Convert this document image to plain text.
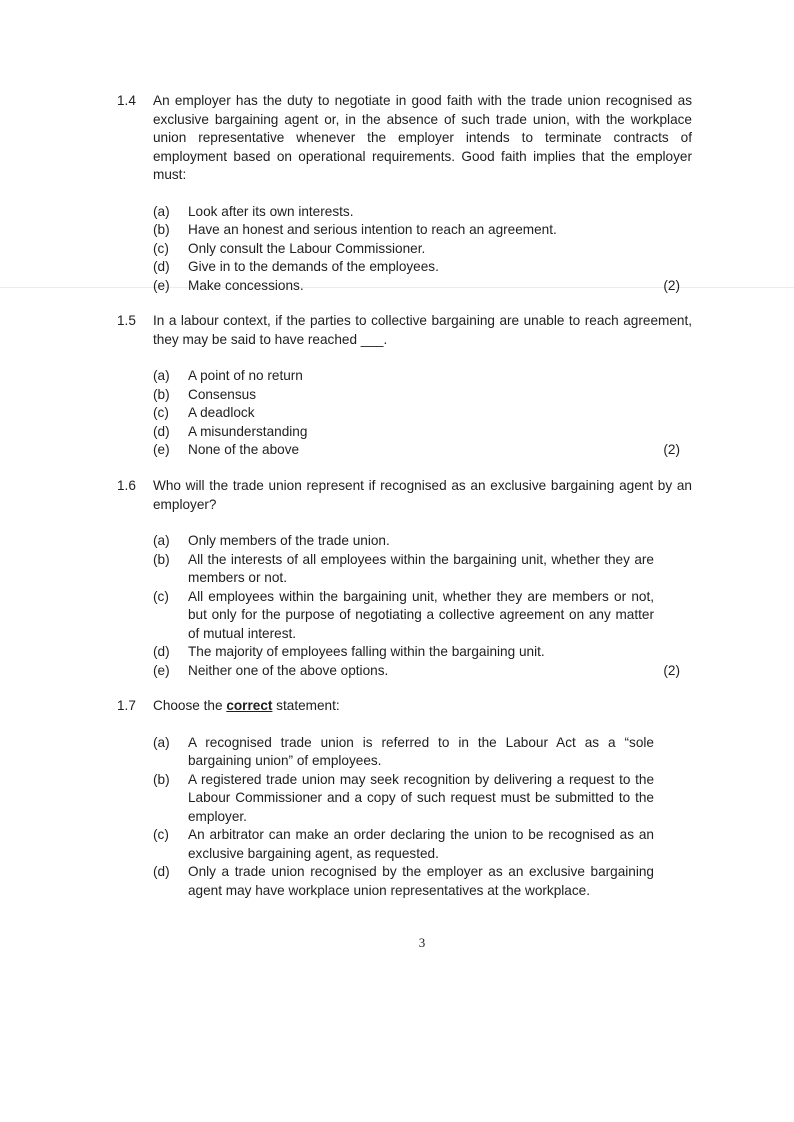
1.4	An employer has the duty to negotiate in good faith with the trade union recognised as exclusive bargaining agent or, in the absence of such trade union, with the workplace union representative whenever the employer intends to terminate contracts of employment based on operational requirements. Good faith implies that the employer must:
(a)	Look after its own interests.
(b)	Have an honest and serious intention to reach an agreement.
(c)	Only consult the Labour Commissioner.
(d)	Give in to the demands of the employees.
(e)	Make concessions.	(2)
1.5	In a labour context, if the parties to collective bargaining are unable to reach agreement, they may be said to have reached ___.
(a)	A point of no return
(b)	Consensus
(c)	A deadlock
(d)	A misunderstanding
(e)	None of the above	(2)
1.6	Who will the trade union represent if recognised as an exclusive bargaining agent by an employer?
(a)	Only members of the trade union.
(b)	All the interests of all employees within the bargaining unit, whether they are members or not.
(c)	All employees within the bargaining unit, whether they are members or not, but only for the purpose of negotiating a collective agreement on any matter of mutual interest.
(d)	The majority of employees falling within the bargaining unit.
(e)	Neither one of the above options.	(2)
1.7	Choose the correct statement:
(a)	A recognised trade union is referred to in the Labour Act as a “sole bargaining union” of employees.
(b)	A registered trade union may seek recognition by delivering a request to the Labour Commissioner and a copy of such request must be submitted to the employer.
(c)	An arbitrator can make an order declaring the union to be recognised as an exclusive bargaining agent, as requested.
(d)	Only a trade union recognised by the employer as an exclusive bargaining agent may have workplace union representatives at the workplace.
3
